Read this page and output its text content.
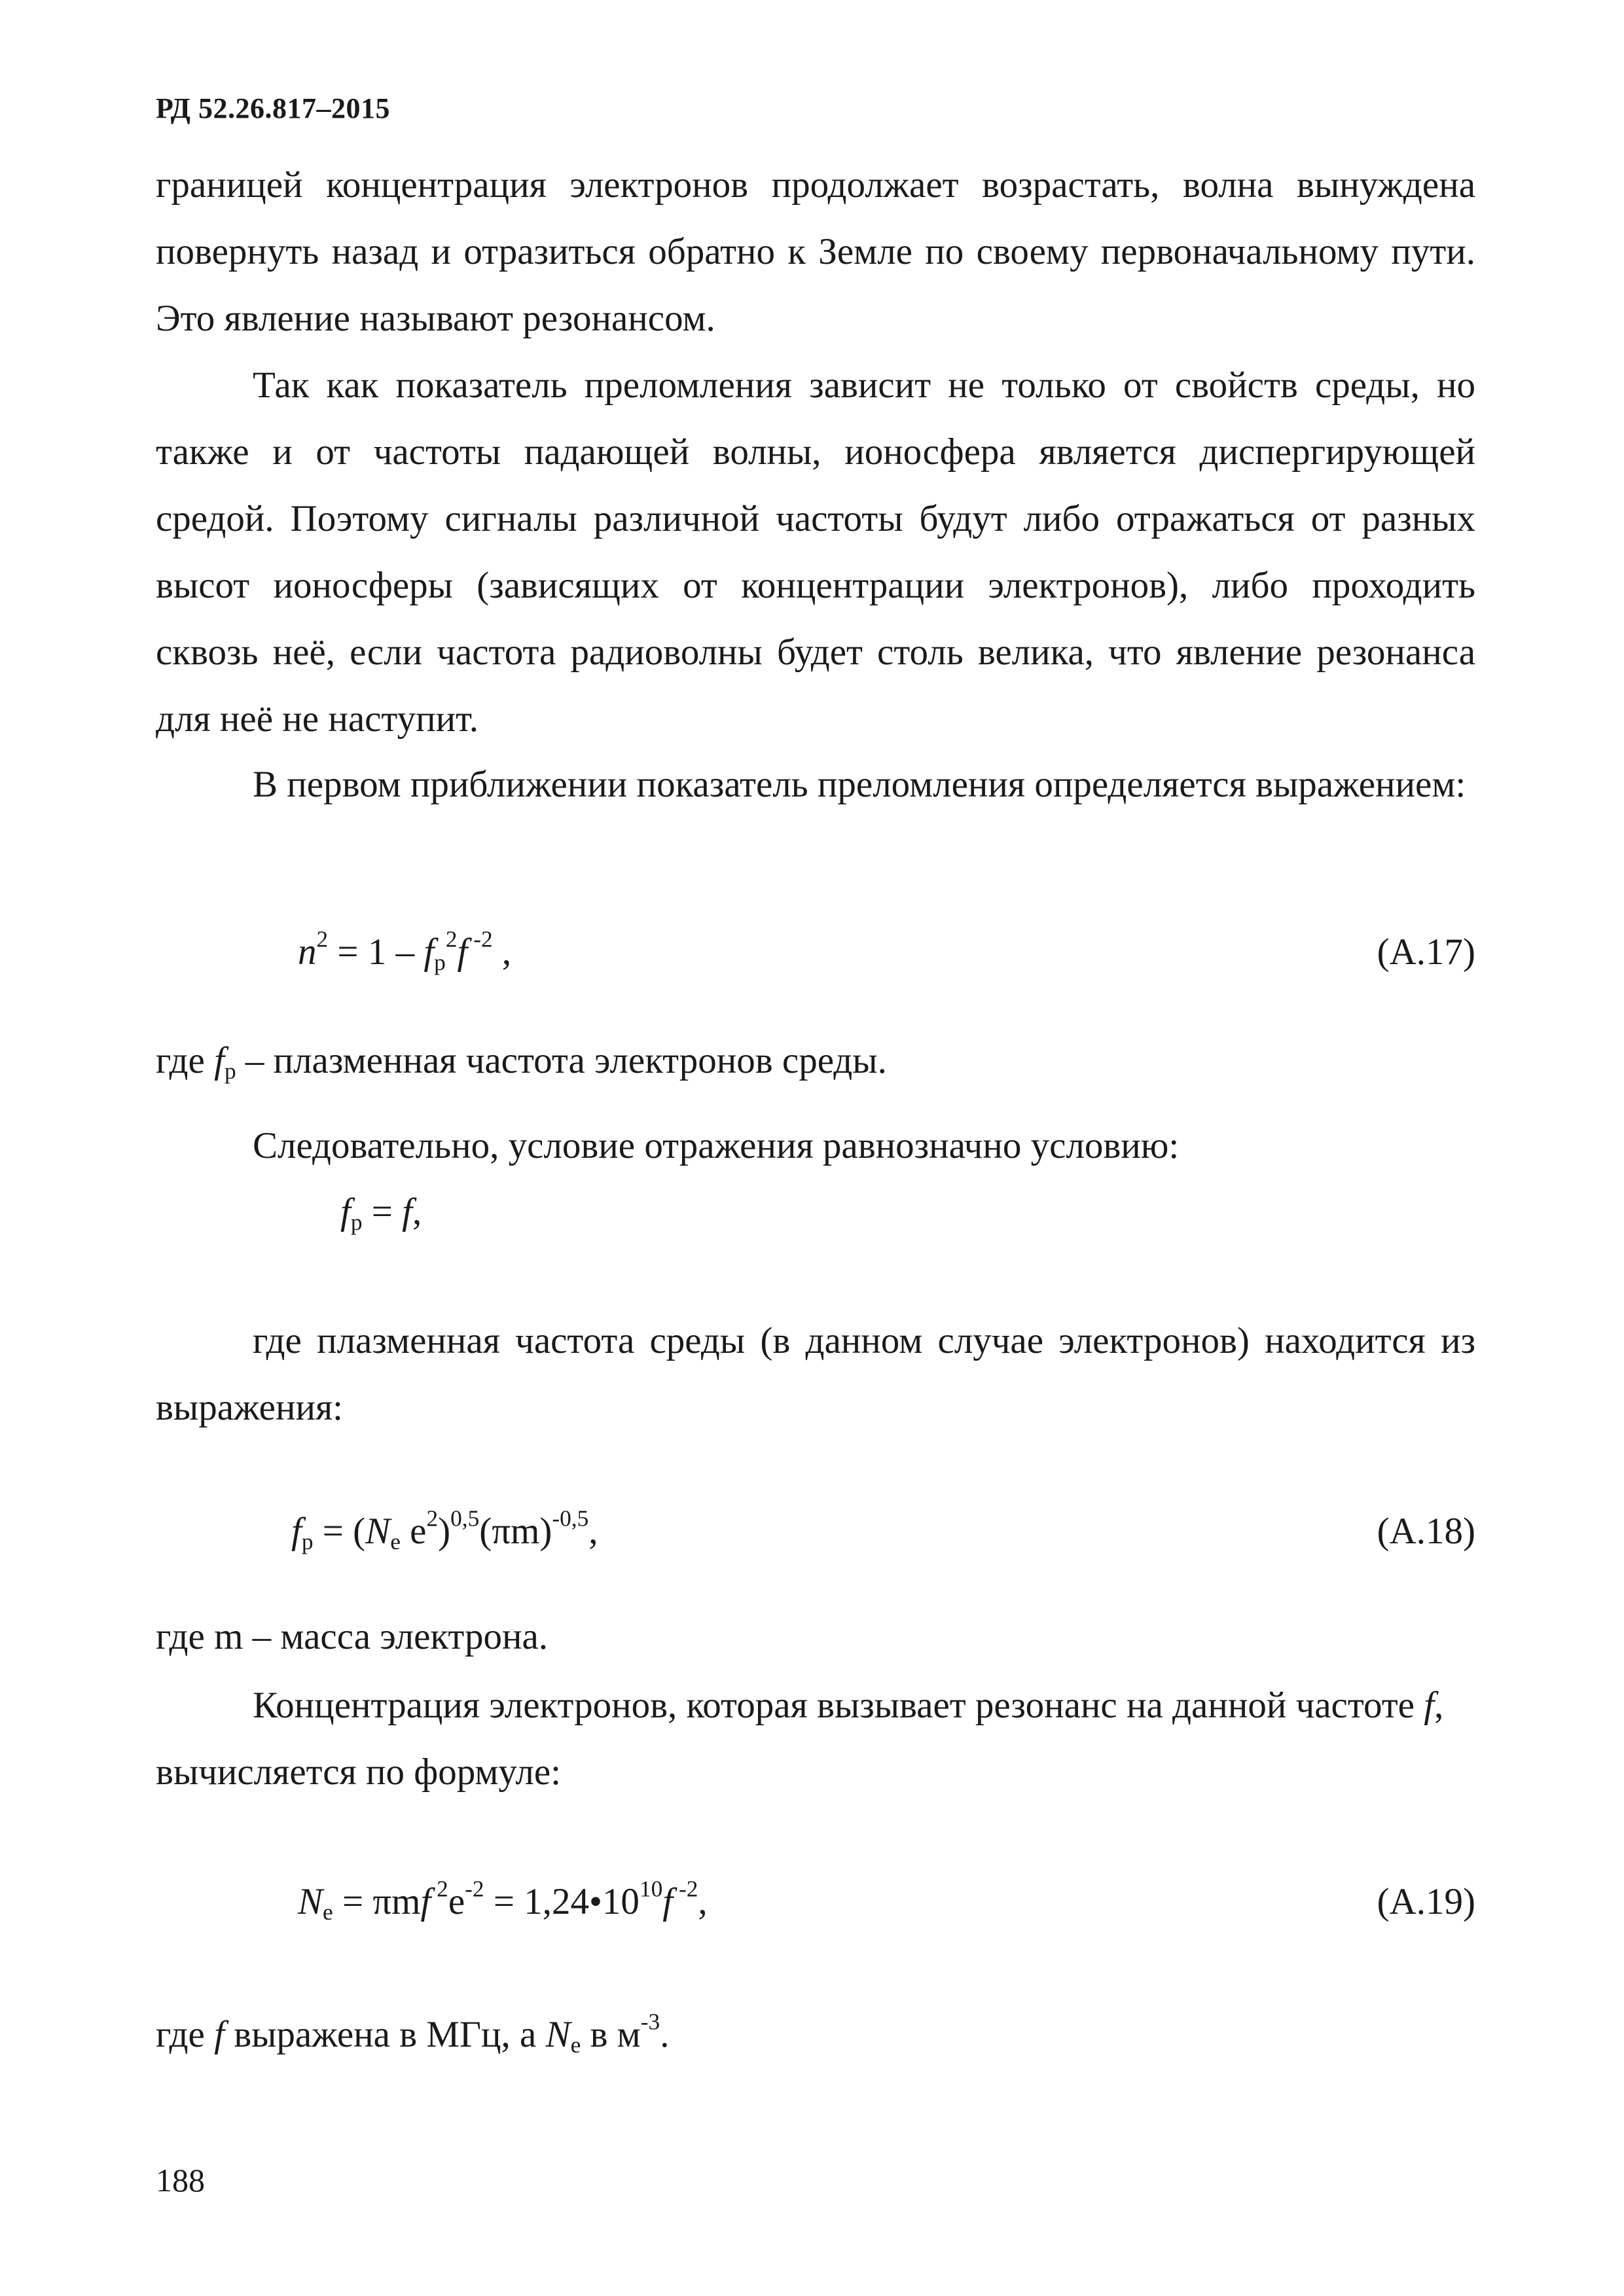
РД 52.26.817–2015

границей концентрация электронов продолжает возрастать, волна вынуждена повернуть назад и отразиться обратно к Земле по своему первоначальному пути. Это явление называют резонансом.

Так как показатель преломления зависит не только от свойств среды, но также и от частоты падающей волны, ионосфера является диспергирующей средой. Поэтому сигналы различной частоты будут либо отражаться от разных высот ионосферы (зависящих от концентрации электронов), либо проходить сквозь неё, если частота радиоволны будет столь велика, что явление резонанса для неё не наступит.

В первом приближении показатель преломления определяется выражением:

$n^2 = 1 - f_p^2f$ $^{-2}$ ,	(А.17)

где $f_p$ – плазменная частота электронов среды.

Следовательно, условие отражения равнозначно условию:

$f_p = f$,

где плазменная частота среды (в данном случае электронов) находится из выражения:

$f_p = (N_e$ $e^2)^{0,5}(\pi m)^{-0,5}$,	(А.18)

где m – масса электрона.

Концентрация электронов, которая вызывает резонанс на данной частоте f,

вычисляется по формуле:

$N_e = \pi mf$ $^2e^{-2}$ = $1,24•10^{10}f$ $^{-2}$,	(А.19)

где f выражена в МГц, а $N_e$ в $м^{-3}$.

188
